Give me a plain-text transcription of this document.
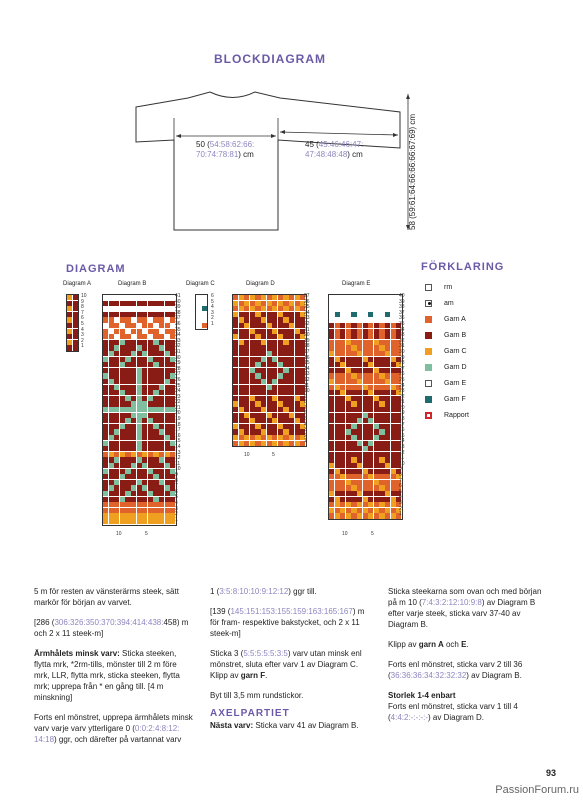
BLOCKDIAGRAM
50 (54:58:62:66:
70:74:78:81) cm
45 (45:46:46:47:
47:48:48:48) cm	58 (59:61:64:66:66:66:67:69) cm
DIAGRAM	FÖRKLARING
Diagram A	Diagram B	Diagram C	Diagram D	Diagram E
10
9
8
7
6
5
4
3
2
1
41
40
39
38
37
36
35
34
33
32
31
30
29
28
27
26
25
24
23
22
21
20
19
18
17
16
15
14
13
12
11
10
9
8
7
6
5
4
3
2
1
6
5
4
3
2
1
27
26
25
24
23
22
21
20
19
18
17
16
15
14
13
12
11
10
9
8
7
6
5
4
3
2
1
40
39
38
37
36
35
34
33
32
31
30
29
28
27
26
25
24
23
22
21
20
19
18
17
16
15
14
13
12
11
10
9
8
7
6
5
4
3
2
1
10	5
10	5
10	5
rm
am
Garn A
Garn B
Garn C
Garn D
Garn E
Garn F
Rapport

5 m för resten av vänsterärms steek, sätt markör för början av varvet.

[286 (306:326:350:370:394:414:438:458) m och 2 x 11 steek-m]

Ärmhålets minsk varv: Sticka steeken, flytta mrk, *2rm-tills, mönster till 2 m före mrk, LLR, flytta mrk, sticka steeken, flytta mrk; upprepa från * en gång till. [4 m minskning]

Forts enl mönstret, upprepa ärmhålets minsk varv varje varv ytterligare 0 (0:0:2:4:8:12:
14:18) ggr, och därefter på vartannat varv

1 (3:5:8:10:10:9:12:12) ggr till.

[139 (145:151:153:155:159:163:165:167) m för fram- respektive bakstycket, och 2 x 11 steek-m]

Sticka 3 (5:5:5:5:5:3:5) varv utan minsk enl mönstret, sluta efter varv 1 av Diagram C.
Klipp av garn F.

Byt till 3,5 mm rundstickor.

AXELPARTIET

Nästa varv: Sticka varv 41 av Diagram B.

Sticka steekarna som ovan och med början på m 10 (7:4:3:2:12:10:9:8) av Diagram B efter varje steek, sticka varv 37-40 av Diagram B.

Klipp av garn A och E.

Forts enl mönstret, sticka varv 2 till 36 (36:36:36:34:32:32:32) av Diagram B.

Storlek 1-4 enbart

Forts enl mönstret, sticka varv 1 till 4 (4:4:2:-:-:-:-) av Diagram D.

93
PassionForum.ru
